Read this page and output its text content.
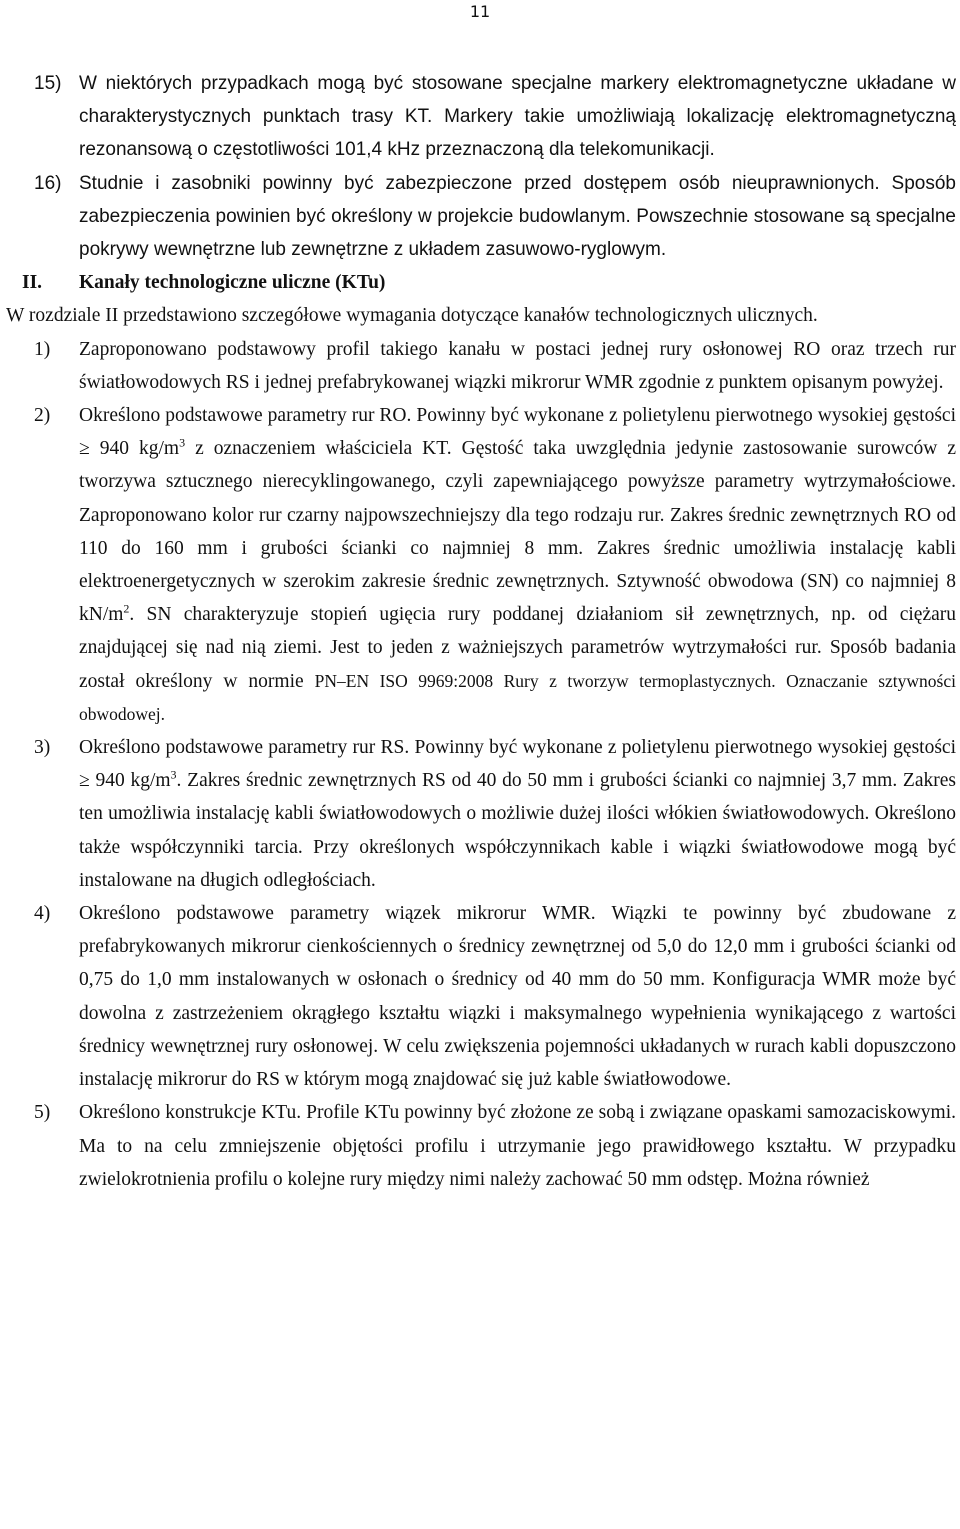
11
15) W niektórych przypadkach mogą być stosowane specjalne markery elektromagnetyczne układane w charakterystycznych punktach trasy KT. Markery takie umożliwiają lokalizację elektromagnetyczną rezonansową o częstotliwości 101,4 kHz przeznaczoną dla telekomunikacji.

16) Studnie i zasobniki powinny być zabezpieczone przed dostępem osób nieuprawnionych. Sposób zabezpieczenia powinien być określony w projekcie budowlanym. Powszechnie stosowane są specjalne pokrywy wewnętrzne lub zewnętrzne z układem zasuwowo-ryglowym.

II. Kanały technologiczne uliczne (KTu)

W rozdziale II przedstawiono szczegółowe wymagania dotyczące kanałów technologicznych ulicznych.

1) Zaproponowano podstawowy profil takiego kanału w postaci jednej rury osłonowej RO oraz trzech rur światłowodowych RS i jednej prefabrykowanej wiązki mikrorur WMR zgodnie z punktem opisanym powyżej.

2) Określono podstawowe parametry rur RO. Powinny być wykonane z polietylenu pierwotnego wysokiej gęstości ≥ 940 $kg/m^3$ z oznaczeniem właściciela KT. Gęstość taka uwzględnia jedynie zastosowanie surowców z tworzywa sztucznego nierecyklingowanego, czyli zapewniającego powyższe parametry wytrzymałościowe. Zaproponowano kolor rur czarny najpowszechniejszy dla tego rodzaju rur. Zakres średnic zewnętrznych RO od 110 do 160 mm i grubości ścianki co najmniej 8 mm. Zakres średnic umożliwia instalację kabli elektroenergetycznych w szerokim zakresie średnic zewnętrznych. Sztywność obwodowa (SN) co najmniej 8 $kN/m^2$. SN charakteryzuje stopień ugięcia rury poddanej działaniom sił zewnętrznych, np. od ciężaru znajdującej się nad nią ziemi. Jest to jeden z ważniejszych parametrów wytrzymałości rur. Sposób badania został określony w normie PN–EN ISO 9969:2008 Rury z tworzyw termoplastycznych. Oznaczanie sztywności obwodowej.

3) Określono podstawowe parametry rur RS. Powinny być wykonane z polietylenu pierwotnego wysokiej gęstości ≥ 940 $kg/m^3$. Zakres średnic zewnętrznych RS od 40 do 50 mm i grubości ścianki co najmniej 3,7 mm. Zakres ten umożliwia instalację kabli światłowodowych o możliwie dużej ilości włókien światłowodowych. Określono także współczynniki tarcia. Przy określonych współczynnikach kable i wiązki światłowodowe mogą być instalowane na długich odległościach.

4) Określono podstawowe parametry wiązek mikrorur WMR. Wiązki te powinny być zbudowane z prefabrykowanych mikrorur cienkościennych o średnicy zewnętrznej od 5,0 do 12,0 mm i grubości ścianki od 0,75 do 1,0 mm instalowanych w osłonach o średnicy od 40 mm do 50 mm. Konfiguracja WMR może być dowolna z zastrzeżeniem okrągłego kształtu wiązki i maksymalnego wypełnienia wynikającego z wartości średnicy wewnętrznej rury osłonowej. W celu zwiększenia pojemności układanych w rurach kabli dopuszczono instalację mikrorur do RS w którym mogą znajdować się już kable światłowodowe.

5) Określono konstrukcje KTu. Profile KTu powinny być złożone ze sobą i związane opaskami samozaciskowymi. Ma to na celu zmniejszenie objętości profilu i utrzymanie jego prawidłowego kształtu. W przypadku zwielokrotnienia profilu o kolejne rury między nimi należy zachować 50 mm odstęp. Można również
